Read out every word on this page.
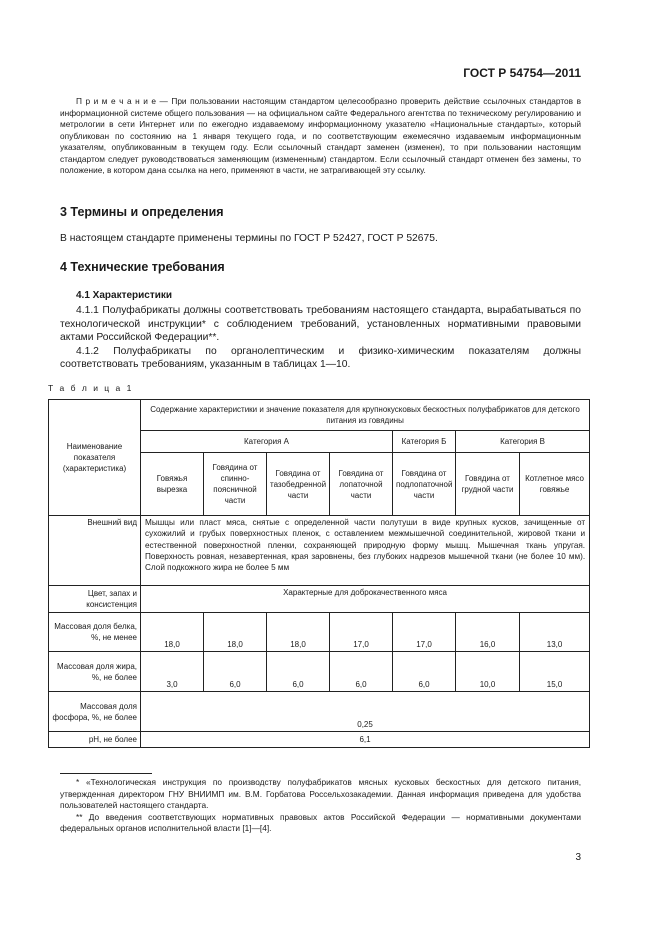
ГОСТ Р 54754—2011

П р и м е ч а н и е — При пользовании настоящим стандартом целесообразно проверить действие ссылочных стандартов в информационной системе общего пользования — на официальном сайте Федерального агентства по техническому регулированию и метрологии в сети Интернет или по ежегодно издаваемому информационному указателю «Национальные стандарты», который опубликован по состоянию на 1 января текущего года, и по соответствующим ежемесячно издаваемым информационным указателям, опубликованным в текущем году. Если ссылочный стандарт заменен (изменен), то при пользовании настоящим стандартом следует руководствоваться заменяющим (измененным) стандартом. Если ссылочный стандарт отменен без замены, то положение, в котором дана ссылка на него, применяют в части, не затрагивающей эту ссылку.

3 Термины и определения
В настоящем стандарте применены термины по ГОСТ Р 52427, ГОСТ Р 52675.
4 Технические требования
4.1 Характеристики

4.1.1 Полуфабрикаты должны соответствовать требованиям настоящего стандарта, вырабатываться по технологической инструкции* с соблюдением требований, установленных нормативными правовыми актами Российской Федерации**.

4.1.2 Полуфабрикаты по органолептическим и физико-химическим показателям должны соответствовать требованиям, указанным в таблицах 1—10.

Т а б л и ц а 1
Наименование показателя (характеристика)	Содержание характеристики и значение показателя для крупнокусковых бескостных полуфабрикатов для детского питания из говядины						
	Категория А				Категория Б	Категория В	
	Говяжья вырезка	Говядина от спинно-поясничной части	Говядина от тазобедренной части	Говядина от лопаточной части	Говядина от подлопаточной части	Говядина от грудной части	Котлетное мясо говяжье
Внешний вид	Мышцы или пласт мяса, снятые с определенной части полутуши в виде крупных кусков, зачищенные от сухожилий и грубых поверхностных пленок, с оставлением межмышечной соединительной, жировой ткани и естественной поверхностной пленки, сохраняющей природную форму мышц. Мышечная ткань упругая. Поверхность ровная, незавертенная, края заровнены, без глубоких надрезов мышечной ткани (не более 10 мм). Слой подкожного жира не более 5 мм						
Цвет, запах и консистенция	Характерные для доброкачественного мяса						
Массовая доля белка, %, не менее	18,0	18,0	18,0	17,0	17,0	16,0	13,0
Массовая доля жира, %, не более	3,0	6,0	6,0	6,0	6,0	10,0	15,0
Массовая доля фосфора, %, не более	0,25						
рН, не более	6,1						

* «Технологическая инструкция по производству полуфабрикатов мясных кусковых бескостных для детского питания, утвержденная директором ГНУ ВНИИМП им. В.М. Горбатова Россельхозакадемии. Данная информация приведена для удобства пользователей настоящего стандарта.

** До введения соответствующих нормативных правовых актов Российской Федерации — нормативными документами федеральных органов исполнительной власти [1]—[4].

3
